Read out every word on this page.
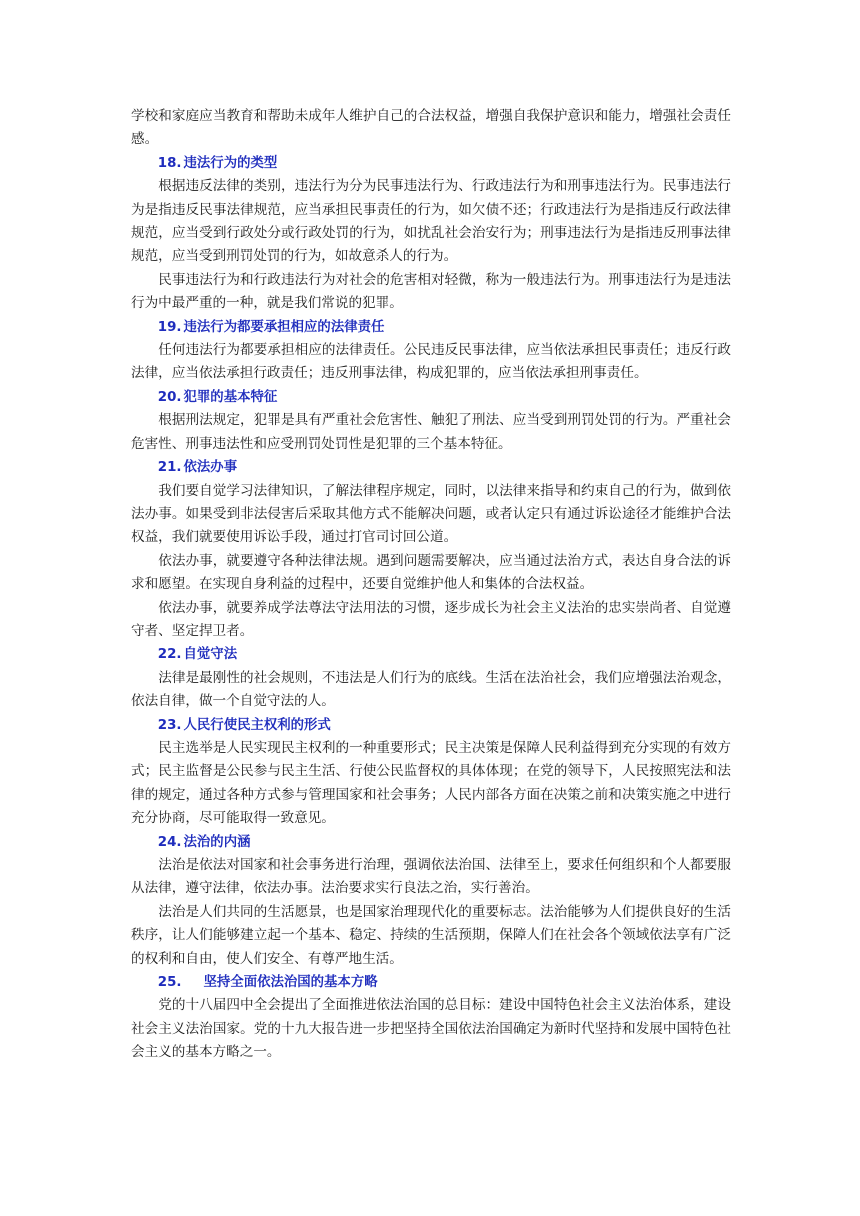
学校和家庭应当教育和帮助未成年人维护自己的合法权益，增强自我保护意识和能力，增强社会责任感。

18. 违法行为的类型

根据违反法律的类别，违法行为分为民事违法行为、行政违法行为和刑事违法行为。民事违法行为是指违反民事法律规范，应当承担民事责任的行为，如欠债不还；行政违法行为是指违反行政法律规范，应当受到行政处分或行政处罚的行为，如扰乱社会治安行为；刑事违法行为是指违反刑事法律规范，应当受到刑罚处罚的行为，如故意杀人的行为。

民事违法行为和行政违法行为对社会的危害相对轻微，称为一般违法行为。刑事违法行为是违法行为中最严重的一种，就是我们常说的犯罪。

19. 违法行为都要承担相应的法律责任

任何违法行为都要承担相应的法律责任。公民违反民事法律，应当依法承担民事责任；违反行政法律，应当依法承担行政责任；违反刑事法律，构成犯罪的，应当依法承担刑事责任。

20. 犯罪的基本特征

根据刑法规定，犯罪是具有严重社会危害性、触犯了刑法、应当受到刑罚处罚的行为。严重社会危害性、刑事违法性和应受刑罚处罚性是犯罪的三个基本特征。

21. 依法办事

我们要自觉学习法律知识，了解法律程序规定，同时，以法律来指导和约束自己的行为，做到依法办事。如果受到非法侵害后采取其他方式不能解决问题，或者认定只有通过诉讼途径才能维护合法权益，我们就要使用诉讼手段，通过打官司讨回公道。

依法办事，就要遵守各种法律法规。遇到问题需要解决，应当通过法治方式，表达自身合法的诉求和愿望。在实现自身利益的过程中，还要自觉维护他人和集体的合法权益。

依法办事，就要养成学法尊法守法用法的习惯，逐步成长为社会主义法治的忠实崇尚者、自觉遵守者、坚定捍卫者。

22. 自觉守法

法律是最刚性的社会规则，不违法是人们行为的底线。生活在法治社会，我们应增强法治观念，依法自律，做一个自觉守法的人。

23. 人民行使民主权利的形式

民主选举是人民实现民主权利的一种重要形式；民主决策是保障人民利益得到充分实现的有效方式；民主监督是公民参与民主生活、行使公民监督权的具体体现；在党的领导下，人民按照宪法和法律的规定，通过各种方式参与管理国家和社会事务；人民内部各方面在决策之前和决策实施之中进行充分协商，尽可能取得一致意见。

24. 法治的内涵

法治是依法对国家和社会事务进行治理，强调依法治国、法律至上，要求任何组织和个人都要服从法律，遵守法律，依法办事。法治要求实行良法之治，实行善治。

法治是人们共同的生活愿景，也是国家治理现代化的重要标志。法治能够为人们提供良好的生活秩序，让人们能够建立起一个基本、稳定、持续的生活预期，保障人们在社会各个领域依法享有广泛的权利和自由，使人们安全、有尊严地生活。

25. 坚持全面依法治国的基本方略

党的十八届四中全会提出了全面推进依法治国的总目标：建设中国特色社会主义法治体系，建设社会主义法治国家。党的十九大报告进一步把坚持全国依法治国确定为新时代坚持和发展中国特色社会主义的基本方略之一。
